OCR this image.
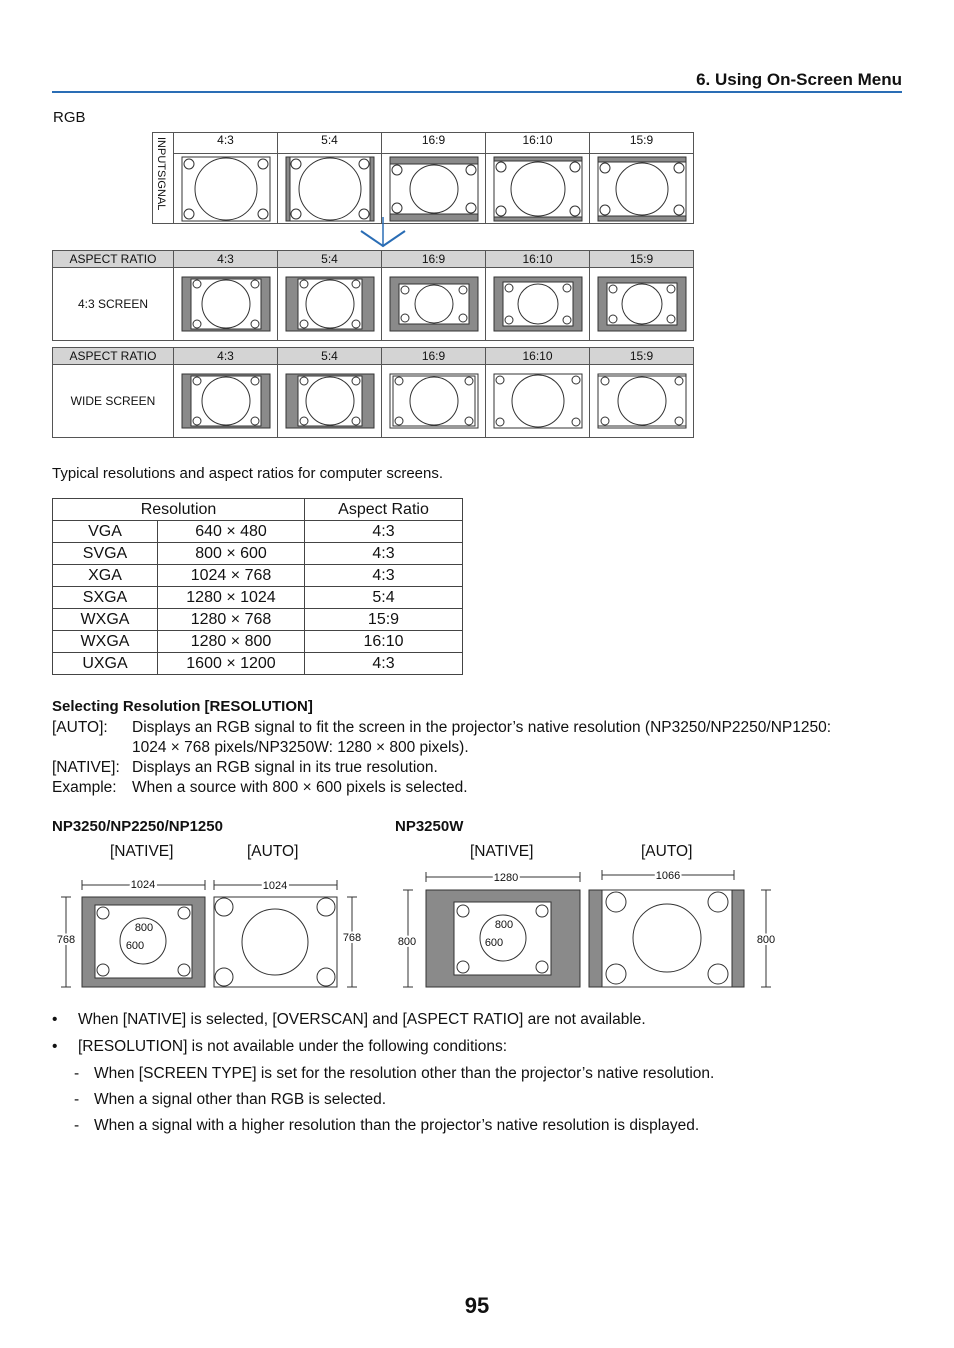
6. Using On-Screen Menu
RGB
INPUTSIGNAL	4:3	5:4	16:9	16:10	15:9

ASPECT RATIO	4:3	5:4	16:9	16:10	15:9
4:3 SCREEN	

ASPECT RATIO	4:3	5:4	16:9	16:10	15:9
WIDE SCREEN	

Typical resolutions and aspect ratios for computer screens.
Resolution		Aspect Ratio
VGA	640 × 480	4:3
SVGA	800 × 600	4:3
XGA	1024 × 768	4:3
SXGA	1280 × 1024	5:4
WXGA	1280 × 768	15:9
WXGA	1280 × 800	16:10
UXGA	1600 × 1200	4:3
Selecting Resolution [RESOLUTION]
[AUTO]: Displays an RGB signal to fit the screen in the projector’s native resolution (NP3250/NP2250/NP1250:
1024 × 768 pixels/NP3250W: 1280 × 800 pixels).
[NATIVE]: Displays an RGB signal in its true resolution.
Example: When a source with 800 × 600 pixels is selected.
NP3250/NP2250/NP1250	NP3250W
[NATIVE]	[AUTO]	[NATIVE]	[AUTO]
1024
768
800
600
1024
768
1280
800
800
600
1066
800
• When [NATIVE] is selected, [OVERSCAN] and [ASPECT RATIO] are not available.
• [RESOLUTION] is not available under the following conditions:
- When [SCREEN TYPE] is set for the resolution other than the projector’s native resolution.
- When a signal other than RGB is selected.
- When a signal with a higher resolution than the projector’s native resolution is displayed.
95
